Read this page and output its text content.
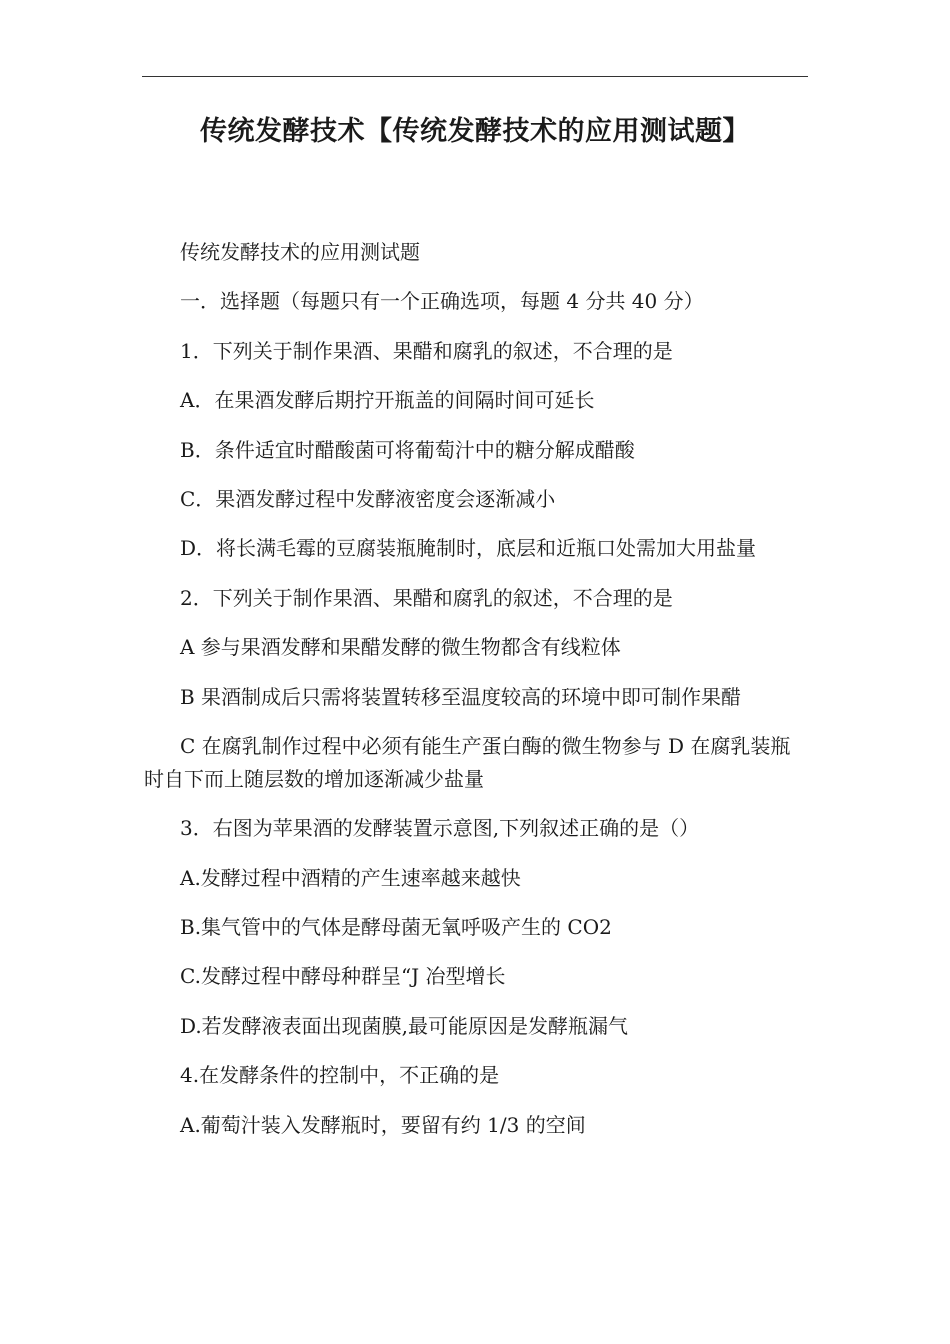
传统发酵技术【传统发酵技术的应用测试题】

传统发酵技术的应用测试题

一．选择题（每题只有一个正确选项，每题 4 分共 40 分）

1．下列关于制作果酒、果醋和腐乳的叙述，不合理的是

A．在果酒发酵后期拧开瓶盖的间隔时间可延长

B．条件适宜时醋酸菌可将葡萄汁中的糖分解成醋酸

C．果酒发酵过程中发酵液密度会逐渐减小

D．将长满毛霉的豆腐装瓶腌制时，底层和近瓶口处需加大用盐量

2．下列关于制作果酒、果醋和腐乳的叙述，不合理的是

A 参与果酒发酵和果醋发酵的微生物都含有线粒体

B 果酒制成后只需将装置转移至温度较高的环境中即可制作果醋

C 在腐乳制作过程中必须有能生产蛋白酶的微生物参与 D 在腐乳装瓶时自下而上随层数的增加逐渐减少盐量

3．右图为苹果酒的发酵装置示意图,下列叙述正确的是（）

A.发酵过程中酒精的产生速率越来越快

B.集气管中的气体是酵母菌无氧呼吸产生的 CO2

C.发酵过程中酵母种群呈“J 冶型增长

D.若发酵液表面出现菌膜,最可能原因是发酵瓶漏气

4.在发酵条件的控制中，不正确的是

A.葡萄汁装入发酵瓶时，要留有约 1/3 的空间
